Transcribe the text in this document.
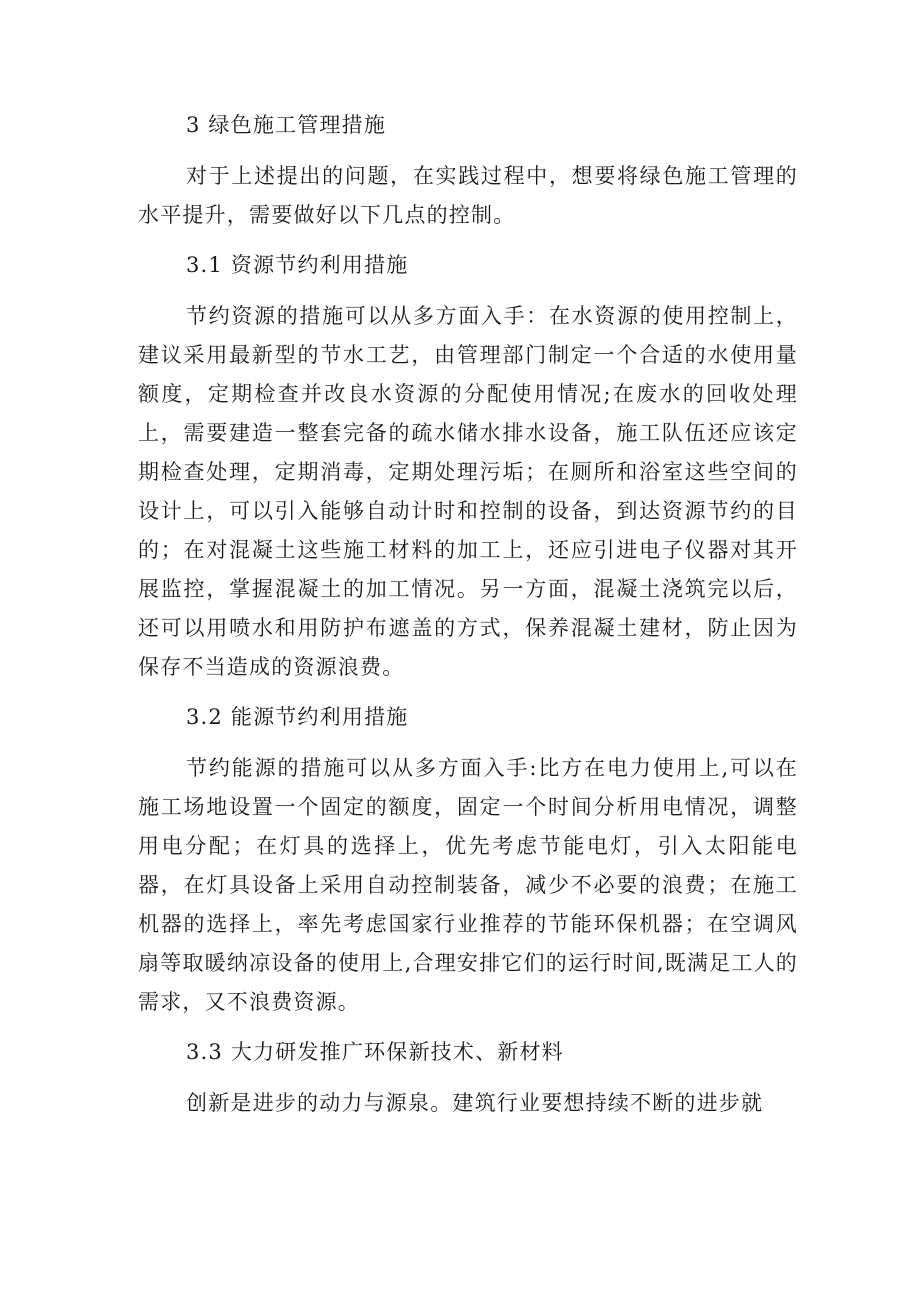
3 绿色施工管理措施

对于上述提出的问题，在实践过程中，想要将绿色施工管理的水平提升，需要做好以下几点的控制。

3.1 资源节约利用措施

节约资源的措施可以从多方面入手：在水资源的使用控制上，建议采用最新型的节水工艺，由管理部门制定一个合适的水使用量额度，定期检查并改良水资源的分配使用情况;在废水的回收处理上，需要建造一整套完备的疏水储水排水设备，施工队伍还应该定期检查处理，定期消毒，定期处理污垢；在厕所和浴室这些空间的设计上，可以引入能够自动计时和控制的设备，到达资源节约的目的；在对混凝土这些施工材料的加工上，还应引进电子仪器对其开展监控，掌握混凝土的加工情况。另一方面，混凝土浇筑完以后，还可以用喷水和用防护布遮盖的方式，保养混凝土建材，防止因为保存不当造成的资源浪费。

3.2 能源节约利用措施

节约能源的措施可以从多方面入手:比方在电力使用上,可以在施工场地设置一个固定的额度，固定一个时间分析用电情况，调整用电分配；在灯具的选择上，优先考虑节能电灯，引入太阳能电器，在灯具设备上采用自动控制装备，减少不必要的浪费；在施工机器的选择上，率先考虑国家行业推荐的节能环保机器；在空调风扇等取暖纳凉设备的使用上,合理安排它们的运行时间,既满足工人的需求，又不浪费资源。

3.3 大力研发推广环保新技术、新材料

创新是进步的动力与源泉。建筑行业要想持续不断的进步就
